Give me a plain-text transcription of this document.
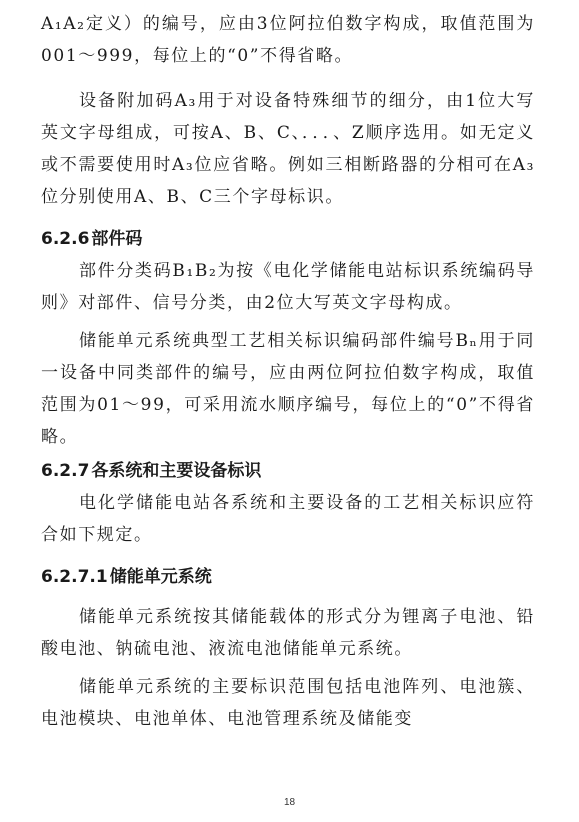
A₁A₂定义）的编号，应由3位阿拉伯数字构成，取值范围为001～999，每位上的“0”不得省略。

设备附加码A₃用于对设备特殊细节的细分，由1位大写英文字母组成，可按A、B、C、．．．、Z顺序选用。如无定义或不需要使用时A₃位应省略。例如三相断路器的分相可在A₃位分别使用A、B、C三个字母标识。

6.2.6 部件码

部件分类码B₁B₂为按《电化学储能电站标识系统编码导则》对部件、信号分类，由2位大写英文字母构成。

储能单元系统典型工艺相关标识编码部件编号Bₙ用于同一设备中同类部件的编号，应由两位阿拉伯数字构成，取值范围为01～99，可采用流水顺序编号，每位上的“0”不得省略。

6.2.7 各系统和主要设备标识

电化学储能电站各系统和主要设备的工艺相关标识应符合如下规定。

6.2.7.1 储能单元系统

储能单元系统按其储能载体的形式分为锂离子电池、铅酸电池、钠硫电池、液流电池储能单元系统。

储能单元系统的主要标识范围包括电池阵列、电池簇、电池模块、电池单体、电池管理系统及储能变

18
